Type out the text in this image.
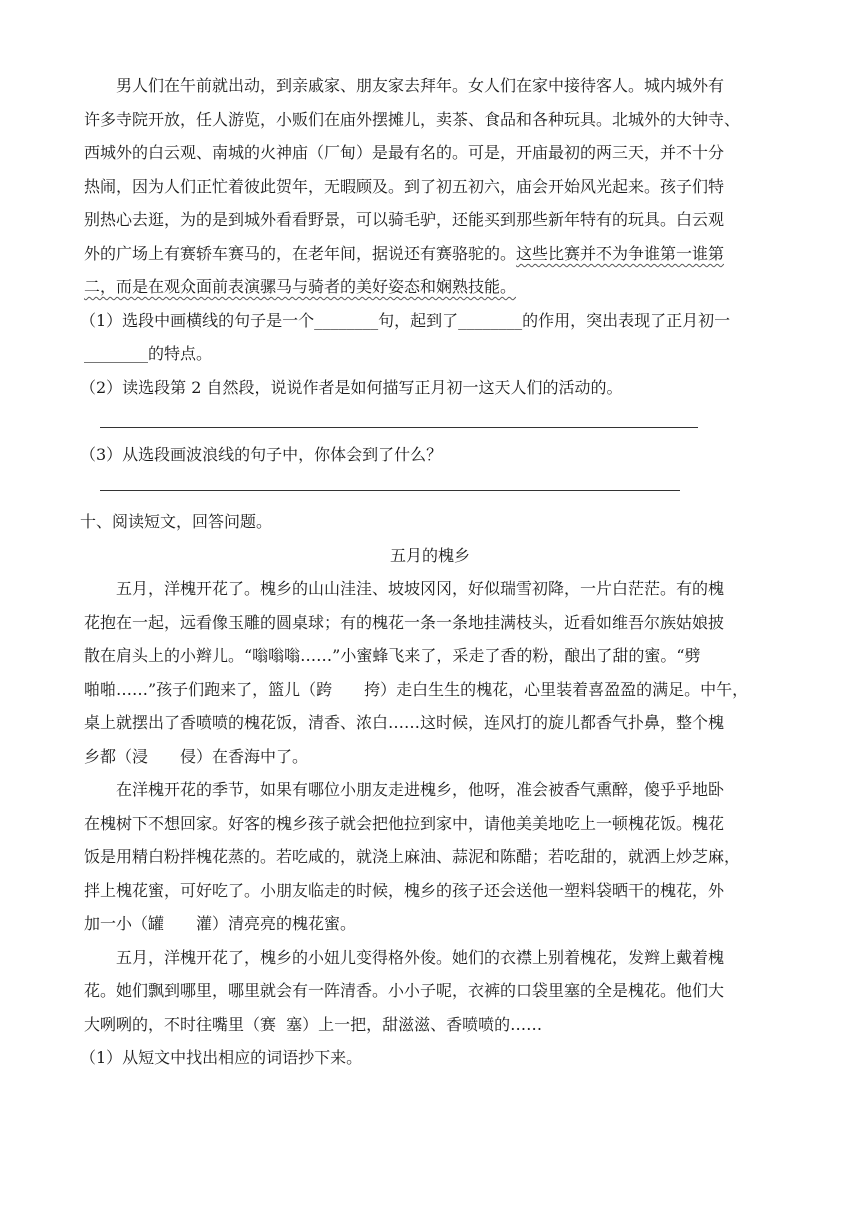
男人们在午前就出动，到亲戚家、朋友家去拜年。女人们在家中接待客人。城内城外有
许多寺院开放，任人游览，小贩们在庙外摆摊儿，卖茶、食品和各种玩具。北城外的大钟寺、
西城外的白云观、南城的火神庙（厂甸）是最有名的。可是，开庙最初的两三天，并不十分
热闹，因为人们正忙着彼此贺年，无暇顾及。到了初五初六，庙会开始风光起来。孩子们特
别热心去逛，为的是到城外看看野景，可以骑毛驴，还能买到那些新年特有的玩具。白云观
外的广场上有赛轿车赛马的，在老年间，据说还有赛骆驼的。这些比赛并不为争谁第一谁第
二，而是在观众面前表演骡马与骑者的美好姿态和娴熟技能。
（1）选段中画横线的句子是一个________句，起到了________的作用，突出表现了正月初一
________的特点。
（2）读选段第 2 自然段，说说作者是如何描写正月初一这天人们的活动的。
（3）从选段画波浪线的句子中，你体会到了什么？
十、阅读短文，回答问题。
五月的槐乡
五月，洋槐开花了。槐乡的山山洼洼、坡坡冈冈，好似瑞雪初降，一片白茫茫。有的槐
花抱在一起，远看像玉雕的圆桌球；有的槐花一条一条地挂满枝头，近看如维吾尔族姑娘披
散在肩头上的小辫儿。“嗡嗡嗡……”小蜜蜂飞来了，采走了香的粉，酿出了甜的蜜。“劈
啪啪……”孩子们跑来了，篮儿（跨　　挎）走白生生的槐花，心里装着喜盈盈的满足。中午，
桌上就摆出了香喷喷的槐花饭，清香、浓白……这时候，连风打的旋儿都香气扑鼻，整个槐
乡都（浸　　侵）在香海中了。
在洋槐开花的季节，如果有哪位小朋友走进槐乡，他呀，准会被香气熏醉，傻乎乎地卧
在槐树下不想回家。好客的槐乡孩子就会把他拉到家中，请他美美地吃上一顿槐花饭。槐花
饭是用精白粉拌槐花蒸的。若吃咸的，就浇上麻油、蒜泥和陈醋；若吃甜的，就洒上炒芝麻，
拌上槐花蜜，可好吃了。小朋友临走的时候，槐乡的孩子还会送他一塑料袋晒干的槐花，外
加一小（罐　　灌）清亮亮的槐花蜜。
五月，洋槐开花了，槐乡的小妞儿变得格外俊。她们的衣襟上别着槐花，发辫上戴着槐
花。她们飘到哪里，哪里就会有一阵清香。小小子呢，衣裤的口袋里塞的全是槐花。他们大
大咧咧的，不时往嘴里（赛  塞）上一把，甜滋滋、香喷喷的……
（1）从短文中找出相应的词语抄下来。
